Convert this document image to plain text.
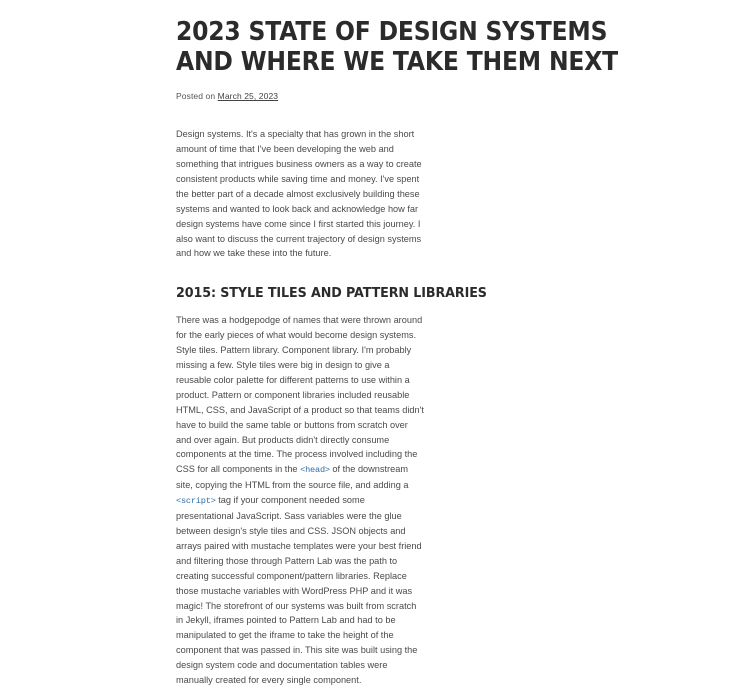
2023 STATE OF DESIGN SYSTEMS AND WHERE WE TAKE THEM NEXT
Posted on March 25, 2023

Design systems. It's a specialty that has grown in the short amount of time that I've been developing the web and something that intrigues business owners as a way to create consistent products while saving time and money. I've spent the better part of a decade almost exclusively building these systems and wanted to look back and acknowledge how far design systems have come since I first started this journey. I also want to discuss the current trajectory of design systems and how we take these into the future.

2015: STYLE TILES AND PATTERN LIBRARIES

There was a hodgepodge of names that were thrown around for the early pieces of what would become design systems. Style tiles. Pattern library. Component library. I'm probably missing a few. Style tiles were big in design to give a reusable color palette for different patterns to use within a product. Pattern or component libraries included reusable HTML, CSS, and JavaScript of a product so that teams didn't have to build the same table or buttons from scratch over and over again. But products didn't directly consume components at the time. The process involved including the CSS for all components in the <head> of the downstream site, copying the HTML from the source file, and adding a <script> tag if your component needed some presentational JavaScript. Sass variables were the glue between design's style tiles and CSS. JSON objects and arrays paired with mustache templates were your best friend and filtering those through Pattern Lab was the path to creating successful component/pattern libraries. Replace those mustache variables with WordPress PHP and it was magic! The storefront of our systems was built from scratch in Jekyll, iframes pointed to Pattern Lab and had to be manipulated to get the iframe to take the height of the component that was passed in. This site was built using the design system code and documentation tables were manually created for every single component.
